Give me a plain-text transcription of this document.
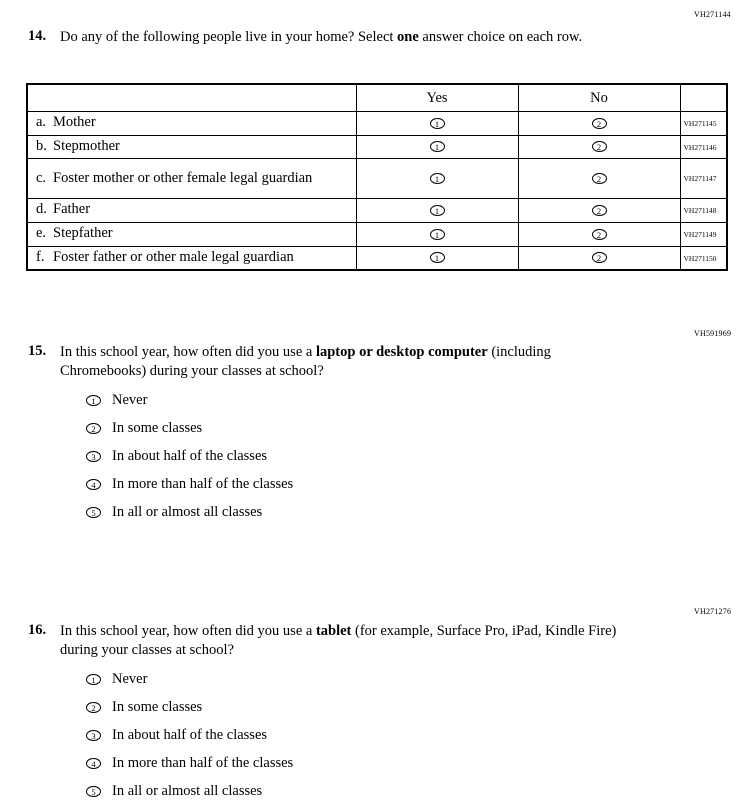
VH271144
14. Do any of the following people live in your home? Select one answer choice on each row.
	Yes	No	
a. Mother	1	2	VH271145
b. Stepmother	1	2	VH271146
c. Foster mother or other female legal guardian	1	2	VH271147
d. Father	1	2	VH271148
e. Stepfather	1	2	VH271149
f. Foster father or other male legal guardian	1	2	VH271150
VH591969
15. In this school year, how often did you use a laptop or desktop computer (including Chromebooks) during your classes at school?
1 Never
2 In some classes
3 In about half of the classes
4 In more than half of the classes
5 In all or almost all classes
VH271276
16. In this school year, how often did you use a tablet (for example, Surface Pro, iPad, Kindle Fire) during your classes at school?
1 Never
2 In some classes
3 In about half of the classes
4 In more than half of the classes
5 In all or almost all classes
